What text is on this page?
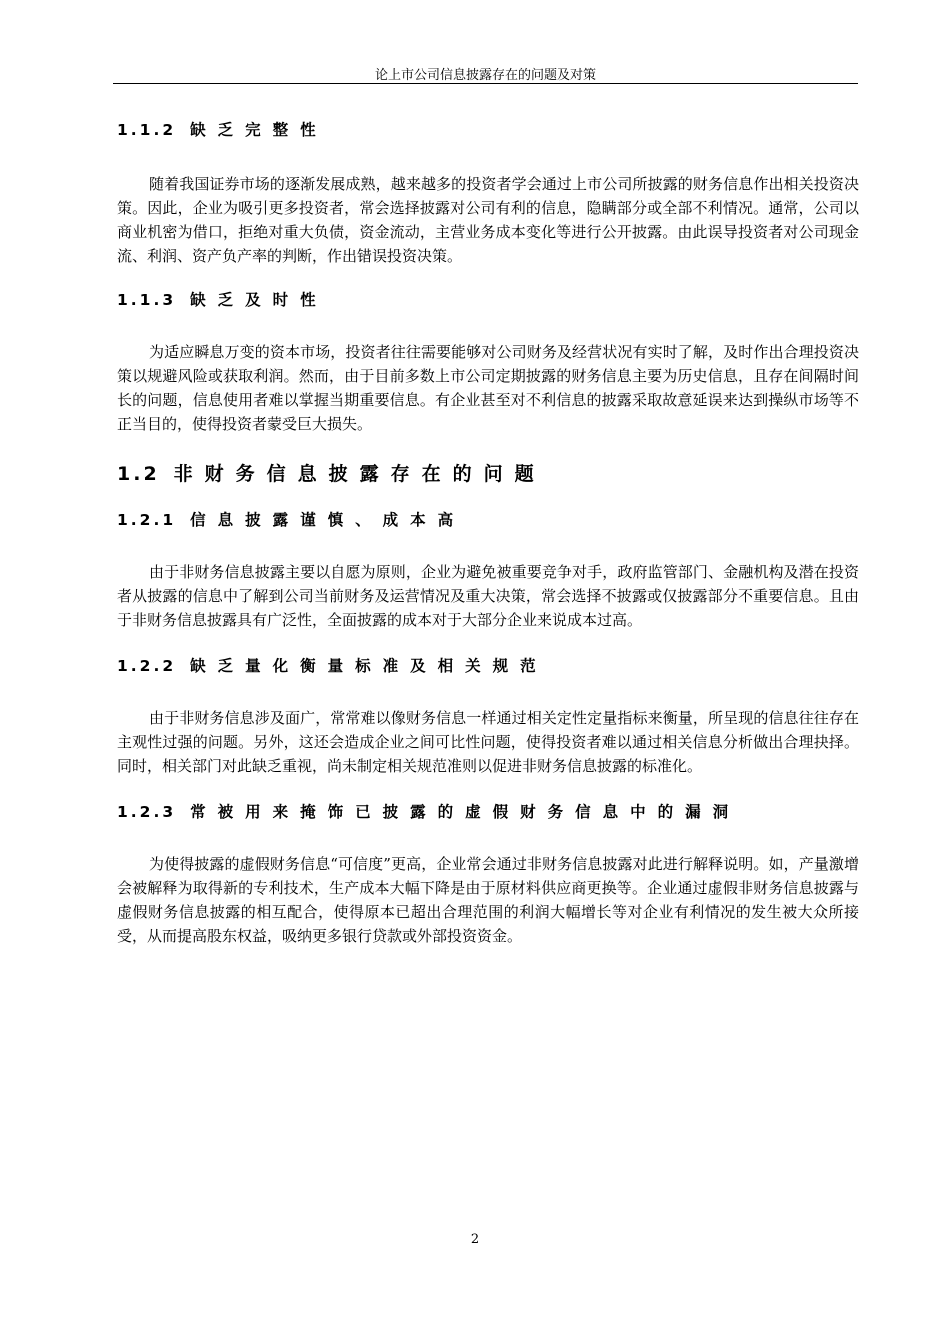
论上市公司信息披露存在的问题及对策
1.1.2 缺乏完整性

随着我国证券市场的逐渐发展成熟，越来越多的投资者学会通过上市公司所披露的财务信息作出相关投资决策。因此，企业为吸引更多投资者，常会选择披露对公司有利的信息，隐瞒部分或全部不利情况。通常，公司以商业机密为借口，拒绝对重大负债，资金流动，主营业务成本变化等进行公开披露。由此误导投资者对公司现金流、利润、资产负产率的判断，作出错误投资决策。

1.1.3 缺乏及时性

为适应瞬息万变的资本市场，投资者往往需要能够对公司财务及经营状况有实时了解，及时作出合理投资决策以规避风险或获取利润。然而，由于目前多数上市公司定期披露的财务信息主要为历史信息，且存在间隔时间长的问题，信息使用者难以掌握当期重要信息。有企业甚至对不利信息的披露采取故意延误来达到操纵市场等不正当目的，使得投资者蒙受巨大损失。

1.2 非财务信息披露存在的问题
1.2.1 信息披露谨慎、成本高

由于非财务信息披露主要以自愿为原则，企业为避免被重要竞争对手，政府监管部门、金融机构及潜在投资者从披露的信息中了解到公司当前财务及运营情况及重大决策，常会选择不披露或仅披露部分不重要信息。且由于非财务信息披露具有广泛性，全面披露的成本对于大部分企业来说成本过高。

1.2.2 缺乏量化衡量标准及相关规范

由于非财务信息涉及面广，常常难以像财务信息一样通过相关定性定量指标来衡量，所呈现的信息往往存在主观性过强的问题。另外，这还会造成企业之间可比性问题，使得投资者难以通过相关信息分析做出合理抉择。同时，相关部门对此缺乏重视，尚未制定相关规范准则以促进非财务信息披露的标准化。

1.2.3 常被用来掩饰已披露的虚假财务信息中的漏洞

为使得披露的虚假财务信息“可信度”更高，企业常会通过非财务信息披露对此进行解释说明。如，产量激增会被解释为取得新的专利技术，生产成本大幅下降是由于原材料供应商更换等。企业通过虚假非财务信息披露与虚假财务信息披露的相互配合，使得原本已超出合理范围的利润大幅增长等对企业有利情况的发生被大众所接受，从而提高股东权益，吸纳更多银行贷款或外部投资资金。

2
